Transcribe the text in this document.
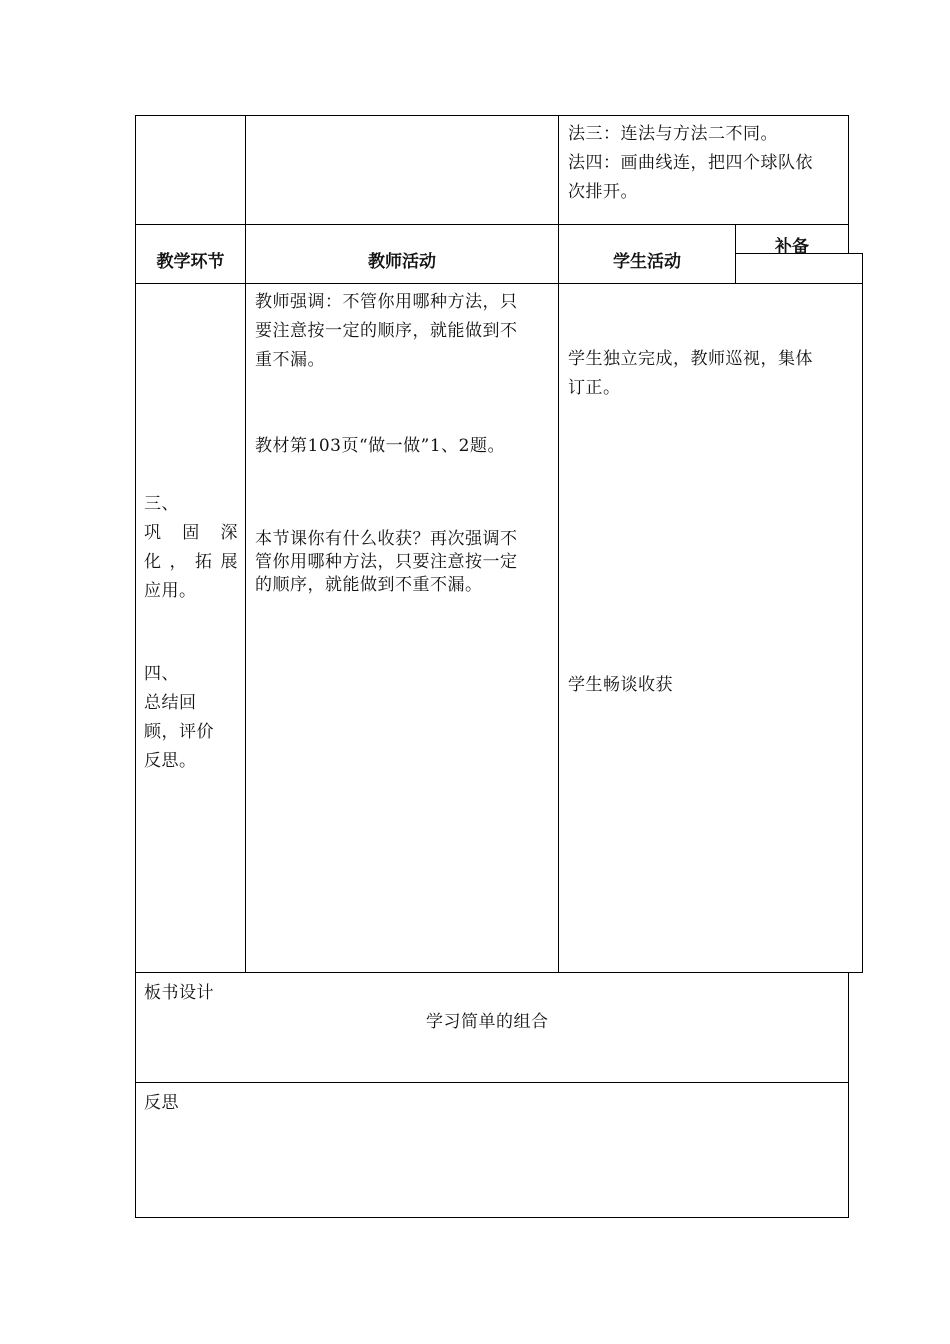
法三：连法与方法二不同。
法四：画曲线连，把四个球队依
次排开。
教学环节	教师活动	学生活动
补备
三、
巩固深
化，拓展
应用。
四、
总结回
顾，评价
反思。
教师强调：不管你用哪种方法，只
要注意按一定的顺序，就能做到不
重不漏。
教材第103页“做一做”1、2题。
本节课你有什么收获？再次强调不
管你用哪种方法，只要注意按一定
的顺序，就能做到不重不漏。
学生独立完成，教师巡视，集体
订正。
学生畅谈收获
板书设计
学习简单的组合
反思
